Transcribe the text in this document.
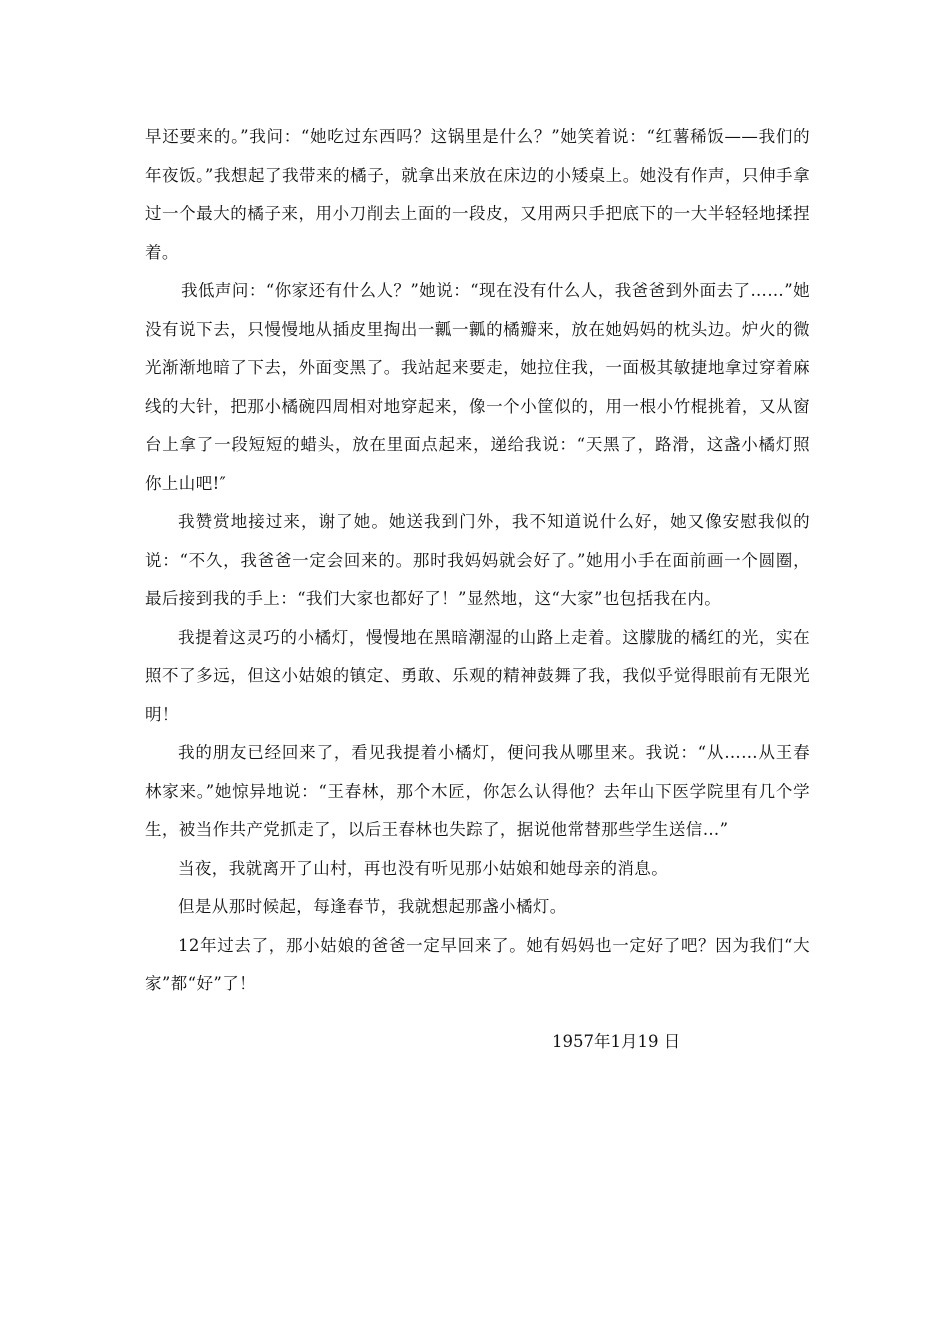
早还要来的。”我问：“她吃过东西吗？这锅里是什么？”她笑着说：“红薯稀饭——我们的年夜饭。”我想起了我带来的橘子，就拿出来放在床边的小矮桌上。她没有作声，只伸手拿过一个最大的橘子来，用小刀削去上面的一段皮，又用两只手把底下的一大半轻轻地揉捏着。

我低声问：“你家还有什么人？”她说：“现在没有什么人，我爸爸到外面去了……”她没有说下去，只慢慢地从插皮里掏出一瓤一瓤的橘瓣来，放在她妈妈的枕头边。炉火的微光渐渐地暗了下去，外面变黑了。我站起来要走，她拉住我，一面极其敏捷地拿过穿着麻线的大针，把那小橘碗四周相对地穿起来，像一个小筐似的，用一根小竹棍挑着，又从窗台上拿了一段短短的蜡头，放在里面点起来，递给我说：“天黑了，路滑，这盏小橘灯照你上山吧!″

我赞赏地接过来，谢了她。她送我到门外，我不知道说什么好，她又像安慰我似的说：“不久，我爸爸一定会回来的。那时我妈妈就会好了。”她用小手在面前画一个圆圈，最后接到我的手上：“我们大家也都好了！”显然地，这“大家”也包括我在内。

我提着这灵巧的小橘灯，慢慢地在黑暗潮湿的山路上走着。这朦胧的橘红的光，实在照不了多远，但这小姑娘的镇定、勇敢、乐观的精神鼓舞了我，我似乎觉得眼前有无限光明！

我的朋友已经回来了，看见我提着小橘灯，便问我从哪里来。我说：“从……从王春林家来。”她惊异地说：“王春林，那个木匠，你怎么认得他？去年山下医学院里有几个学生，被当作共产党抓走了，以后王春林也失踪了，据说他常替那些学生送信…”

当夜，我就离开了山村，再也没有听见那小姑娘和她母亲的消息。

但是从那时候起，每逢春节，我就想起那盏小橘灯。

12年过去了，那小姑娘的爸爸一定早回来了。她有妈妈也一定好了吧？因为我们“大家”都“好”了！

1957年1月19 日
